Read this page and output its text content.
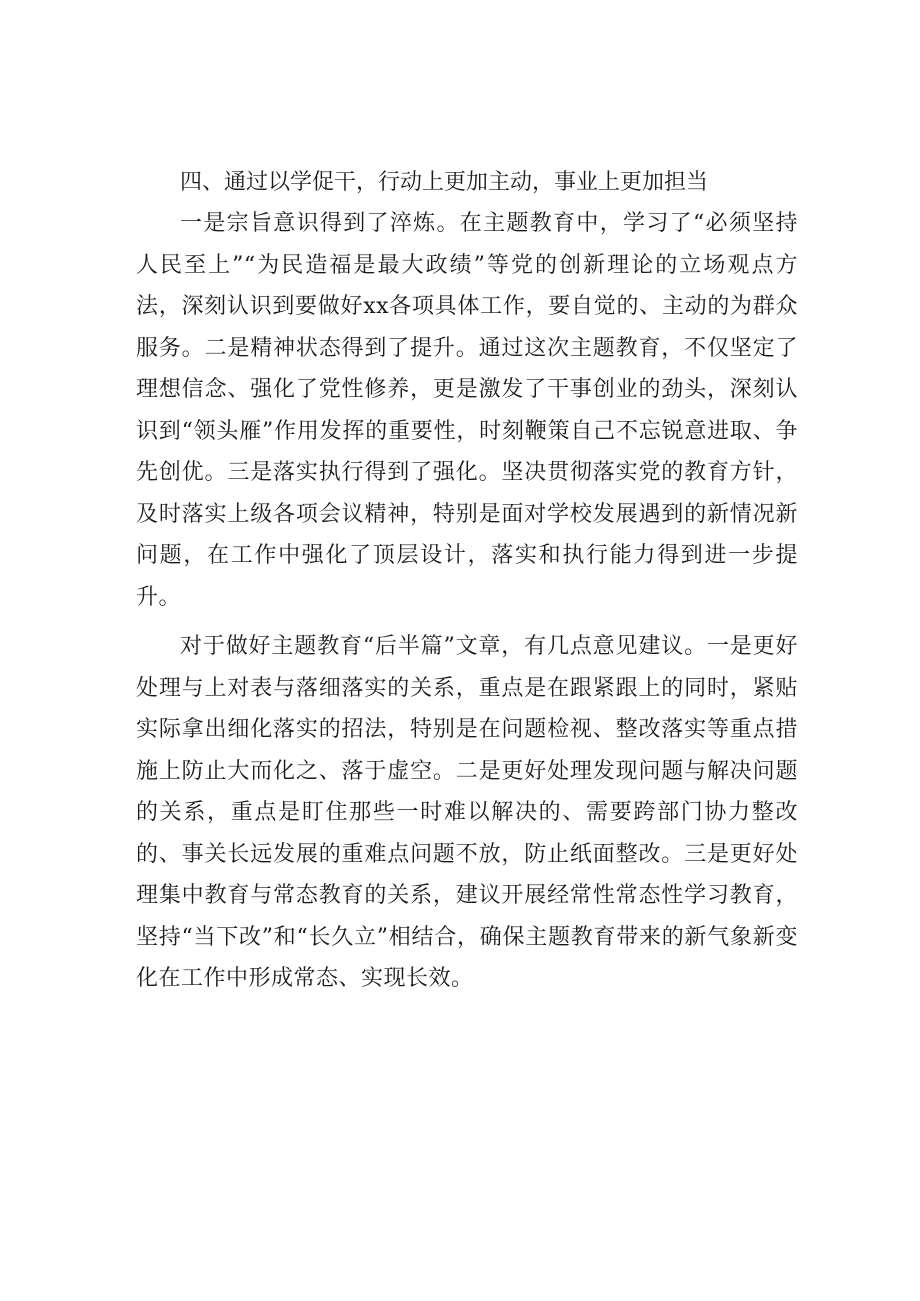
四、通过以学促干，行动上更加主动，事业上更加担当

一是宗旨意识得到了淬炼。在主题教育中，学习了“必须坚持人民至上”“为民造福是最大政绩”等党的创新理论的立场观点方法，深刻认识到要做好xx各项具体工作，要自觉的、主动的为群众服务。二是精神状态得到了提升。通过这次主题教育，不仅坚定了理想信念、强化了党性修养，更是激发了干事创业的劲头，深刻认识到“领头雁”作用发挥的重要性，时刻鞭策自己不忘锐意进取、争先创优。三是落实执行得到了强化。坚决贯彻落实党的教育方针，及时落实上级各项会议精神，特别是面对学校发展遇到的新情况新问题，在工作中强化了顶层设计，落实和执行能力得到进一步提升。

对于做好主题教育“后半篇”文章，有几点意见建议。一是更好处理与上对表与落细落实的关系，重点是在跟紧跟上的同时，紧贴实际拿出细化落实的招法，特别是在问题检视、整改落实等重点措施上防止大而化之、落于虚空。二是更好处理发现问题与解决问题的关系，重点是盯住那些一时难以解决的、需要跨部门协力整改的、事关长远发展的重难点问题不放，防止纸面整改。三是更好处理集中教育与常态教育的关系，建议开展经常性常态性学习教育，坚持“当下改”和“长久立”相结合，确保主题教育带来的新气象新变化在工作中形成常态、实现长效。
